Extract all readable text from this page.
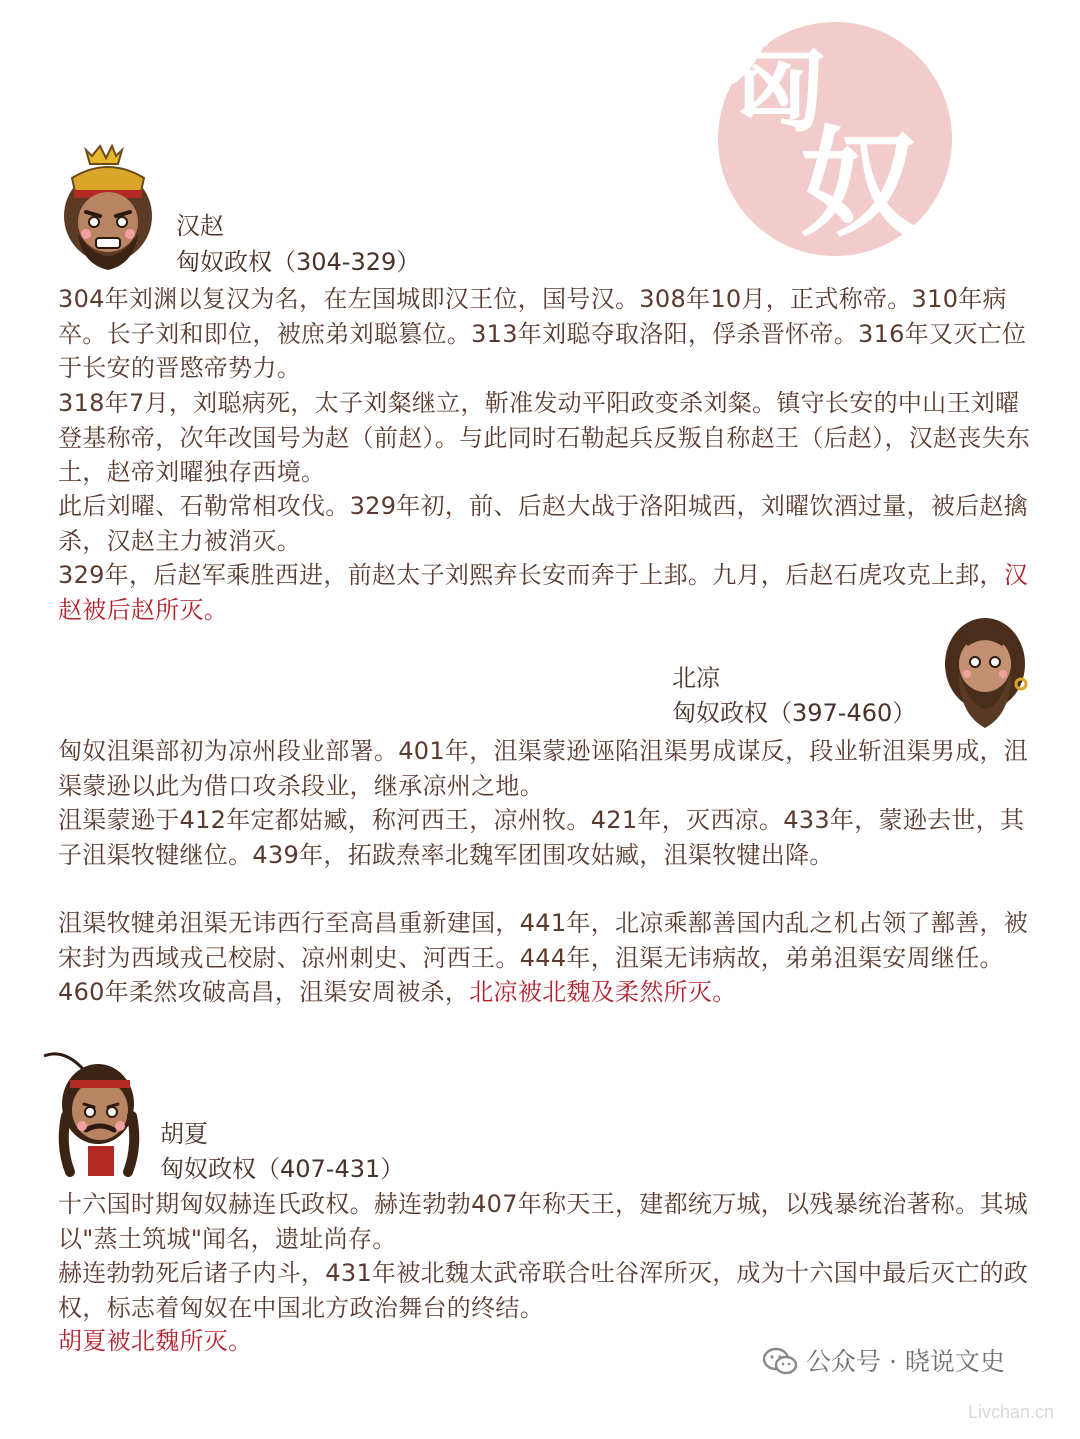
匈
奴
汉赵
匈奴政权（304-329）

304年刘渊以复汉为名，在左国城即汉王位，国号汉。308年10月，正式称帝。310年病卒。长子刘和即位，被庶弟刘聪篡位。313年刘聪夺取洛阳，俘杀晋怀帝。316年又灭亡位于长安的晋愍帝势力。

318年7月，刘聪病死，太子刘粲继立，靳准发动平阳政变杀刘粲。镇守长安的中山王刘曜登基称帝，次年改国号为赵（前赵）。与此同时石勒起兵反叛自称赵王（后赵），汉赵丧失东土，赵帝刘曜独存西境。

此后刘曜、石勒常相攻伐。329年初，前、后赵大战于洛阳城西，刘曜饮酒过量，被后赵擒杀，汉赵主力被消灭。

329年，后赵军乘胜西进，前赵太子刘熙弃长安而奔于上邽。九月，后赵石虎攻克上邽，汉赵被后赵所灭。

北凉
匈奴政权（397-460）

匈奴沮渠部初为凉州段业部署。401年，沮渠蒙逊诬陷沮渠男成谋反，段业斩沮渠男成，沮渠蒙逊以此为借口攻杀段业，继承凉州之地。

沮渠蒙逊于412年定都姑臧，称河西王，凉州牧。421年，灭西凉。433年，蒙逊去世，其子沮渠牧犍继位。439年，拓跋焘率北魏军团围攻姑臧，沮渠牧犍出降。

沮渠牧犍弟沮渠无讳西行至高昌重新建国，441年，北凉乘鄯善国内乱之机占领了鄯善，被宋封为西域戎己校尉、凉州刺史、河西王。444年，沮渠无讳病故，弟弟沮渠安周继任。460年柔然攻破高昌，沮渠安周被杀，北凉被北魏及柔然所灭。

胡夏
匈奴政权（407-431）

十六国时期匈奴赫连氏政权。赫连勃勃407年称天王，建都统万城，以残暴统治著称。其城以"蒸土筑城"闻名，遗址尚存。

赫连勃勃死后诸子内斗，431年被北魏太武帝联合吐谷浑所灭，成为十六国中最后灭亡的政权，标志着匈奴在中国北方政治舞台的终结。

胡夏被北魏所灭。

公众号 · 晓说文史
Livchan.cn
